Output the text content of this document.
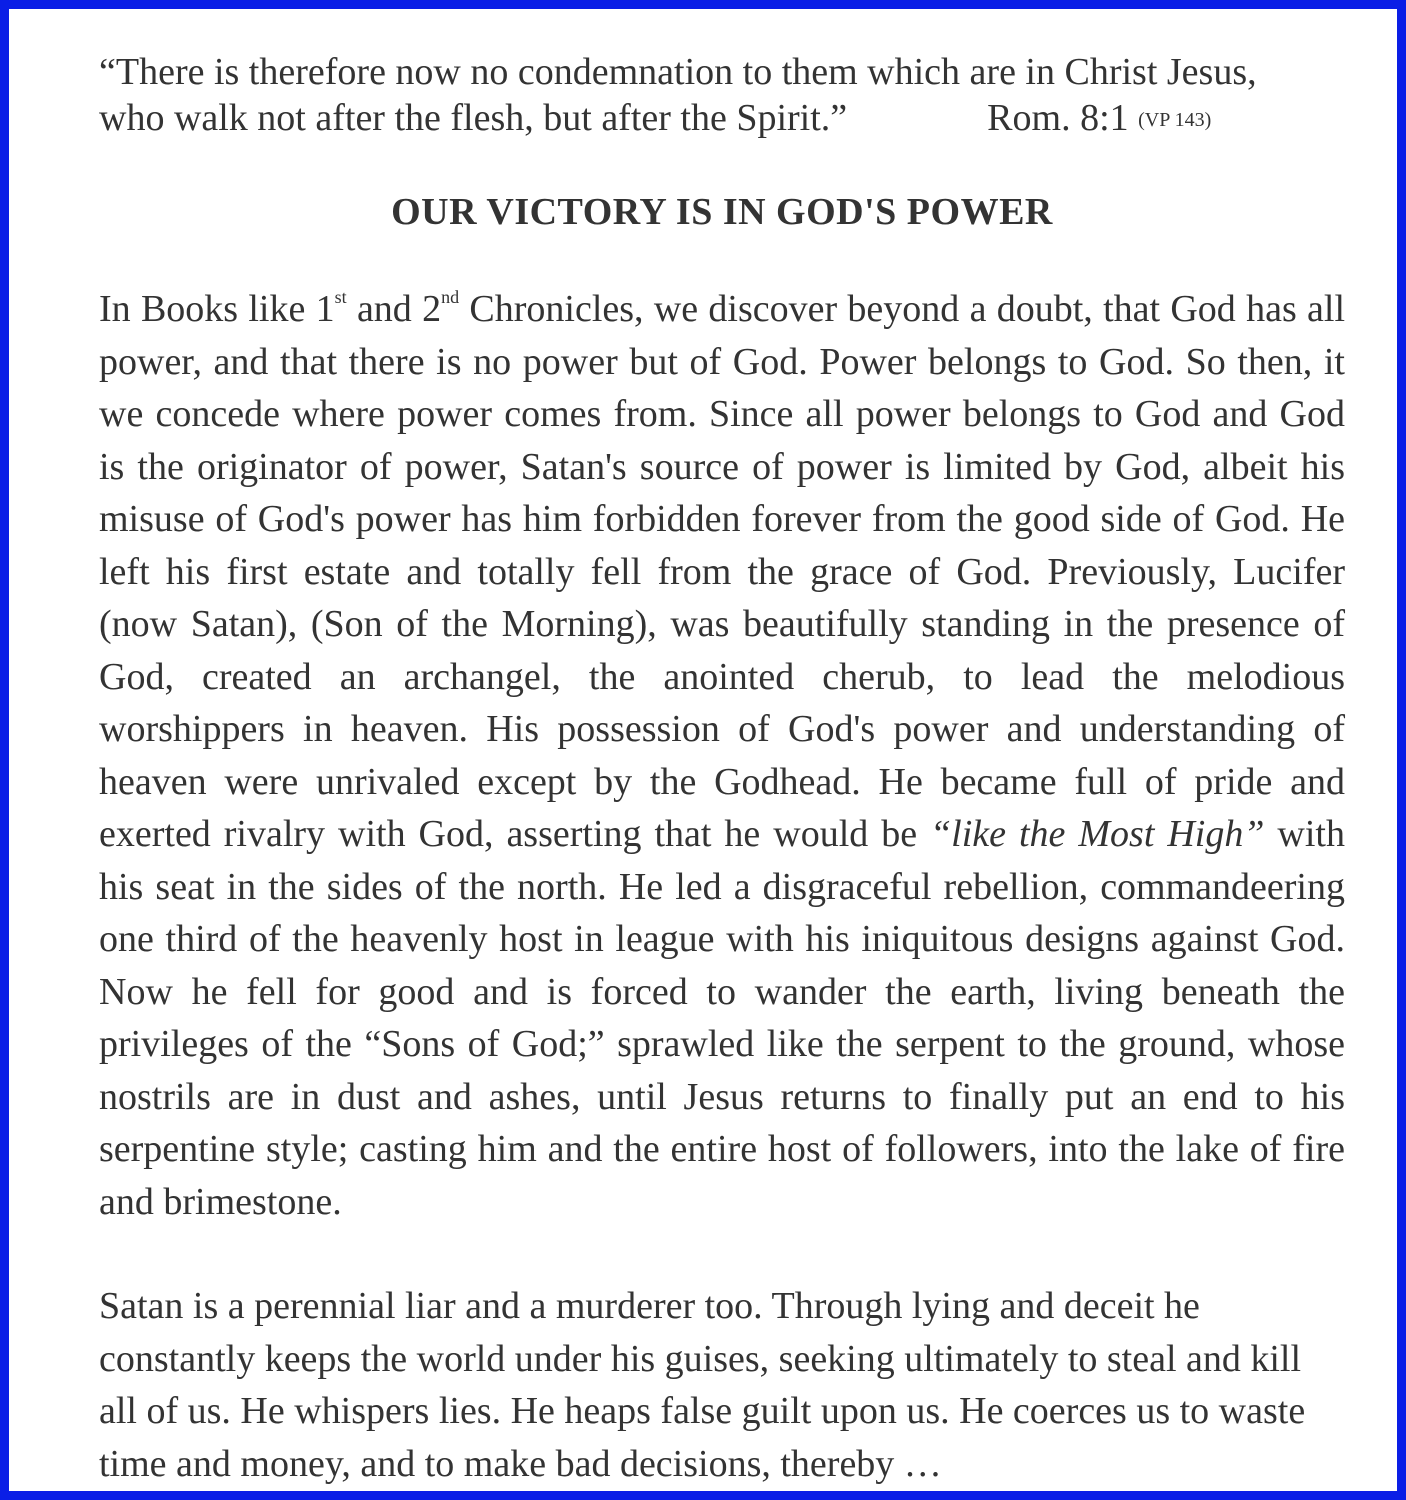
“There is therefore now no condemnation to them which are in Christ Jesus,
who walk not after the flesh, but after the Spirit.”	Rom. 8:1 (VP 143)

OUR VICTORY IS IN GOD'S POWER

In Books like 1st and 2nd Chronicles, we discover beyond a doubt, that God has all power, and that there is no power but of God. Power belongs to God. So then, it we concede where power comes from. Since all power belongs to God and God is the originator of power, Satan's source of power is limited by God, albeit his misuse of God's power has him forbidden forever from the good side of God. He left his first estate and totally fell from the grace of God. Previously, Lucifer (now Satan), (Son of the Morning), was beautifully standing in the presence of God, created an archangel, the anointed cherub, to lead the melodious worshippers in heaven. His possession of God's power and understanding of heaven were unrivaled except by the Godhead. He became full of pride and exerted rivalry with God, asserting that he would be “like the Most High” with his seat in the sides of the north. He led a disgraceful rebellion, commandeering one third of the heavenly host in league with his iniquitous designs against God. Now he fell for good and is forced to wander the earth, living beneath the privileges of the “Sons of God;” sprawled like the serpent to the ground, whose nostrils are in dust and ashes, until Jesus returns to finally put an end to his serpentine style; casting him and the entire host of followers, into the lake of fire and brimestone.

Satan is a perennial liar and a murderer too. Through lying and deceit he constantly keeps the world under his guises, seeking ultimately to steal and kill all of us. He whispers lies. He heaps false guilt upon us. He coerces us to waste time and money, and to make bad decisions, thereby …
